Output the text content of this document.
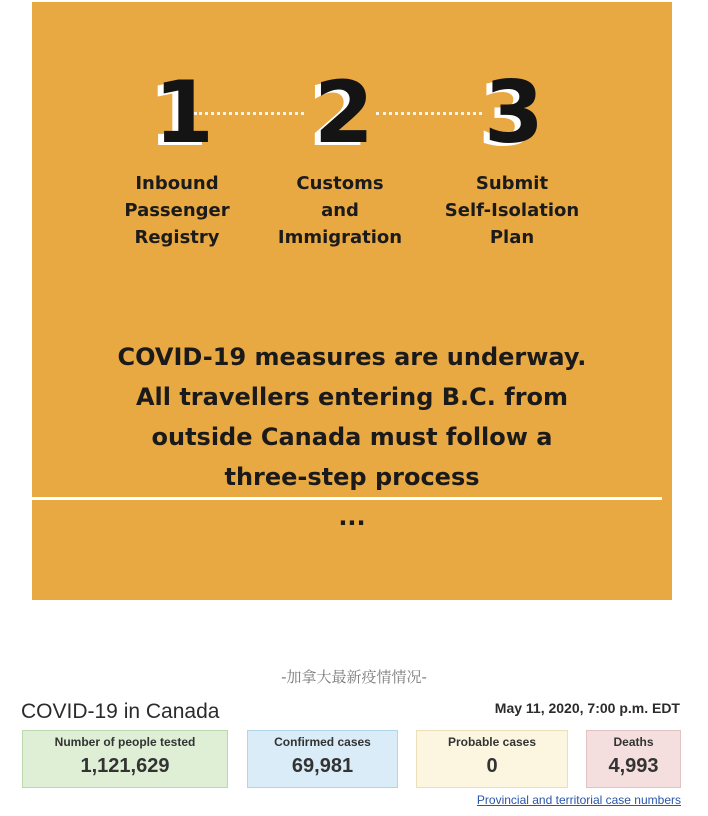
1 2 3
Inbound
Passenger
Registry
Customs
and
Immigration
Submit
Self-Isolation
Plan
COVID-19 measures are underway.
All travellers entering B.C. from
outside Canada must follow a
three-step process
...
-加拿大最新疫情情况-
COVID-19 in Canada	May 11, 2020, 7:00 p.m. EDT
Number of people tested
1,121,629
Confirmed cases
69,981
Probable cases
0
Deaths
4,993
Provincial and territorial case numbers
